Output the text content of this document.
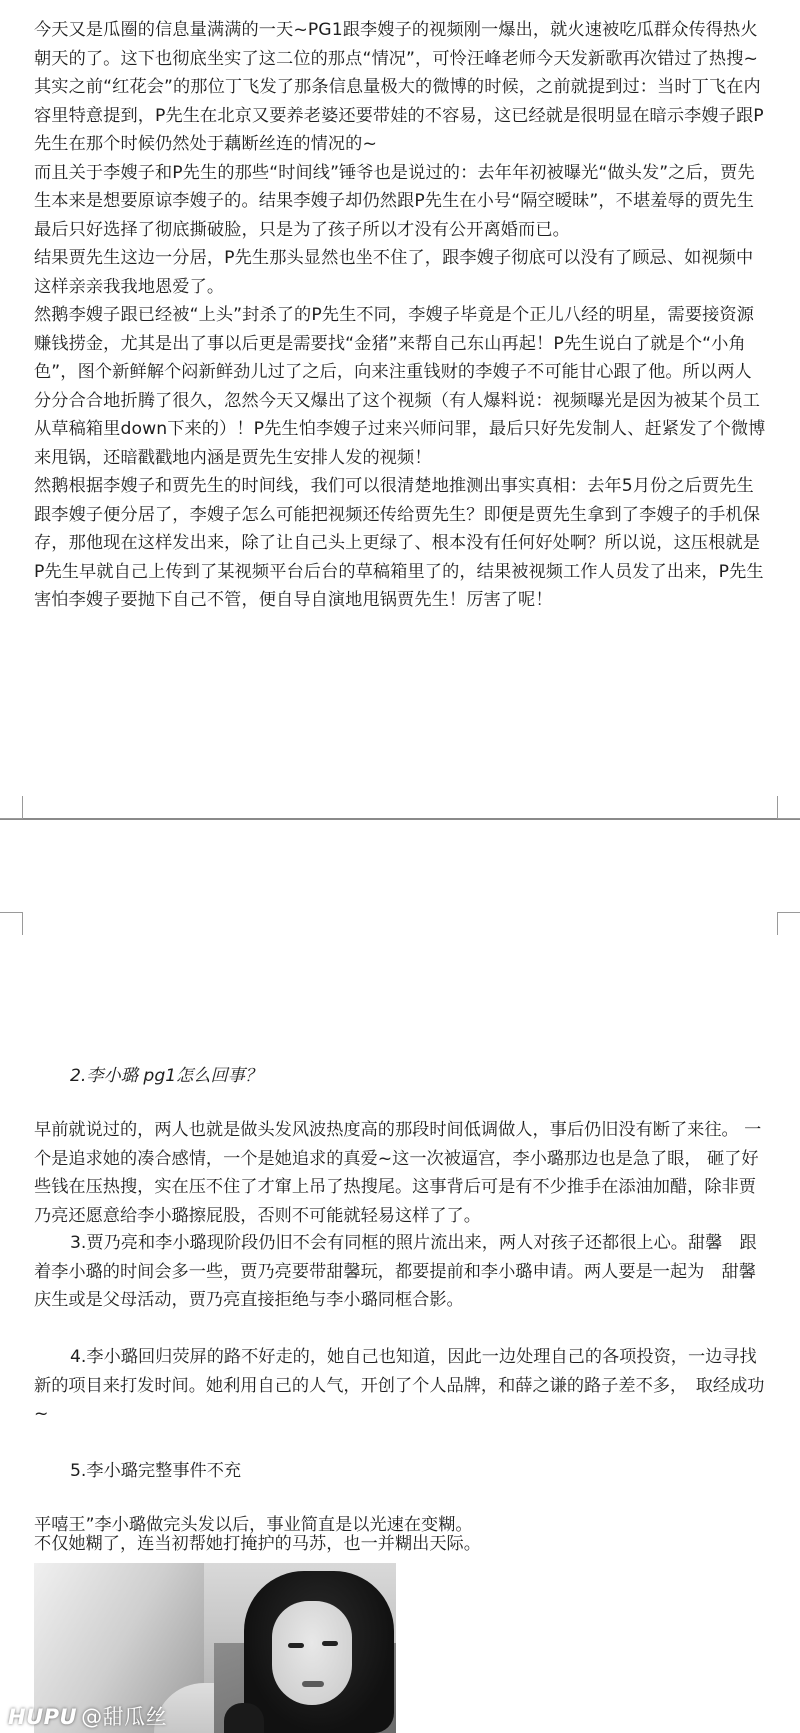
今天又是瓜圈的信息量满满的一天~PG1跟李嫂子的视频刚一爆出，就火速被吃瓜群众传得热火朝天的了。这下也彻底坐实了这二位的那点“情况”，可怜汪峰老师今天发新歌再次错过了热搜~

其实之前“红花会”的那位丁飞发了那条信息量极大的微博的时候，之前就提到过：当时丁飞在内容里特意提到，P先生在北京又要养老婆还要带娃的不容易，这已经就是很明显在暗示李嫂子跟P先生在那个时候仍然处于藕断丝连的情况的~

而且关于李嫂子和P先生的那些“时间线”锤爷也是说过的：去年年初被曝光“做头发”之后，贾先生本来是想要原谅李嫂子的。结果李嫂子却仍然跟P先生在小号“隔空暧昧”，不堪羞辱的贾先生最后只好选择了彻底撕破脸，只是为了孩子所以才没有公开离婚而已。

结果贾先生这边一分居，P先生那头显然也坐不住了，跟李嫂子彻底可以没有了顾忌、如视频中这样亲亲我我地恩爱了。

然鹅李嫂子跟已经被“上头”封杀了的P先生不同，李嫂子毕竟是个正儿八经的明星，需要接资源赚钱捞金，尤其是出了事以后更是需要找“金猪”来帮自己东山再起！P先生说白了就是个“小角色”，图个新鲜解个闷新鲜劲儿过了之后，向来注重钱财的李嫂子不可能甘心跟了他。所以两人分分合合地折腾了很久，忽然今天又爆出了这个视频（有人爆料说：视频曝光是因为被某个员工从草稿箱里down下来的）！P先生怕李嫂子过来兴师问罪，最后只好先发制人、赶紧发了个微博来甩锅，还暗戳戳地内涵是贾先生安排人发的视频！

然鹅根据李嫂子和贾先生的时间线，我们可以很清楚地推测出事实真相：去年5月份之后贾先生跟李嫂子便分居了，李嫂子怎么可能把视频还传给贾先生？即便是贾先生拿到了李嫂子的手机保存，那他现在这样发出来，除了让自己头上更绿了、根本没有任何好处啊？所以说，这压根就是P先生早就自己上传到了某视频平台后台的草稿箱里了的，结果被视频工作人员发了出来，P先生害怕李嫂子要抛下自己不管，便自导自演地甩锅贾先生！厉害了呢！

2.李小璐 pg1怎么回事？

早前就说过的，两人也就是做头发风波热度高的那段时间低调做人，事后仍旧没有断了来往。 一个是追求她的凑合感情，一个是她追求的真爱~这一次被逼宫，李小璐那边也是急了眼， 砸了好些钱在压热搜，实在压不住了才窜上吊了热搜尾。这事背后可是有不少推手在添油加醋，除非贾乃亮还愿意给李小璐擦屁股，否则不可能就轻易这样了了。

3.贾乃亮和李小璐现阶段仍旧不会有同框的照片流出来，两人对孩子还都很上心。甜馨　跟着李小璐的时间会多一些，贾乃亮要带甜馨玩，都要提前和李小璐申请。两人要是一起为　甜馨庆生或是父母活动，贾乃亮直接拒绝与李小璐同框合影。

4.李小璐回归荧屏的路不好走的，她自己也知道，因此一边处理自己的各项投资，一边寻找新的项目来打发时间。她利用自己的人气，开创了个人品牌，和薛之谦的路子差不多，　取经成功~

5.李小璐完整事件不充

平嘻王”李小璐做完头发以后，事业简直是以光速在变糊。

HUPU @甜瓜丝

不仅她糊了，连当初帮她打掩护的马苏，也一并糊出天际。
